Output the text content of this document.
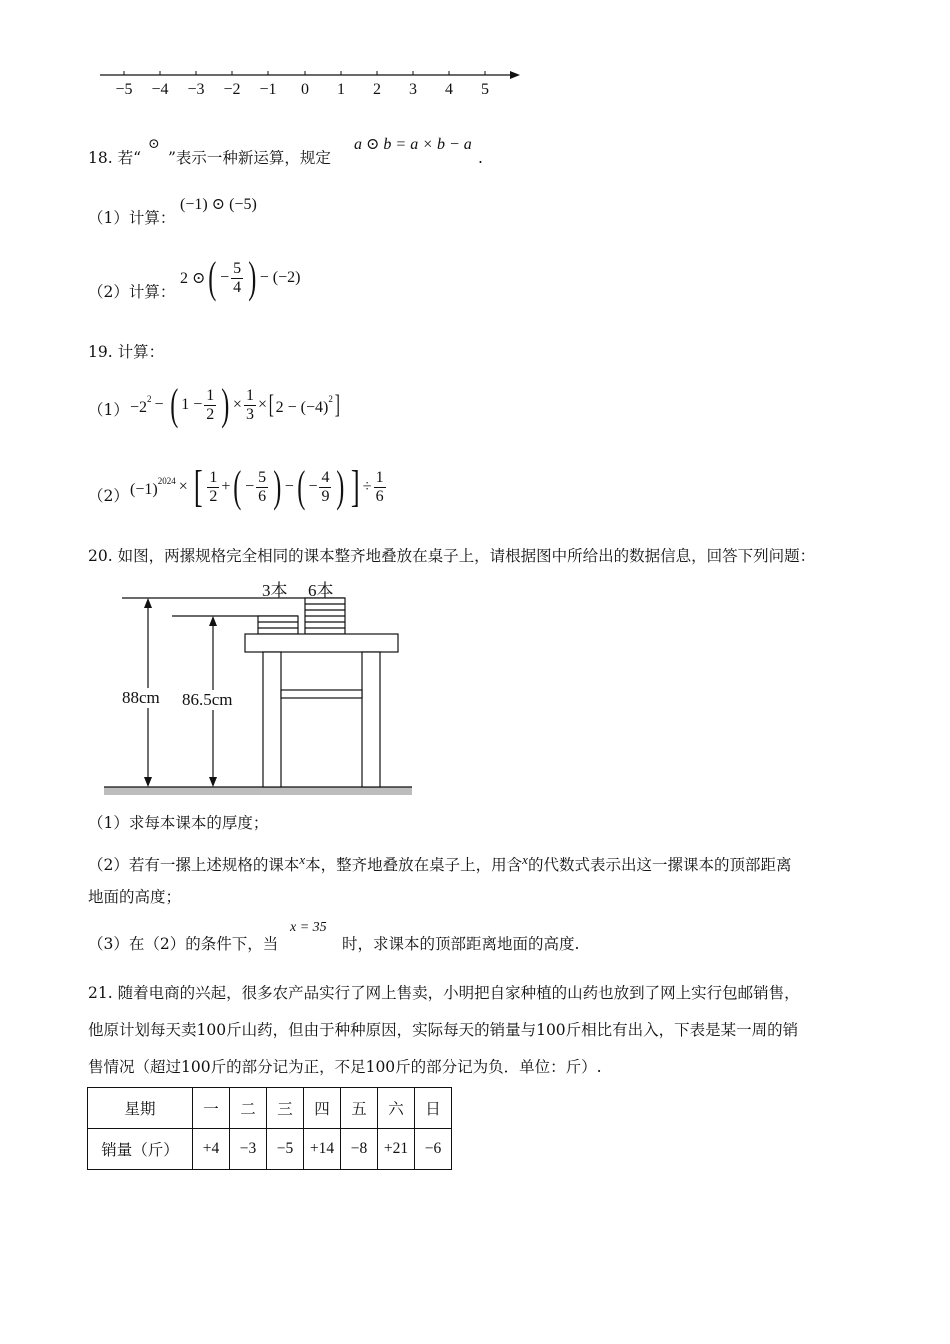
−5 −4 −3 −2 −1	0	1	2	3	4	5
18. 若“
⊙
”表示一种新运算，规定
a ⊙ b = a × b − a
.
（1）计算：
(−1) ⊙ (−5)
（2）计算：
2 ⊙ ( − $\frac{5}{4}$ ) − (−2)
19. 计算：
$(1) -2^2$ − ( $1 - \frac{1}{2}$ ) × $\frac{1}{3}$ × [ $2 - (-4)^2$ ]
（2） $(-1)^{2024}$ × [ $\frac{1}{2}$ + ( − $\frac{5}{6}$ ) − ( − $\frac{4}{9}$ ) ] ÷ $\frac{1}{6}$
20. 如图，两摞规格完全相同的课本整齐地叠放在桌子上，请根据图中所给出的数据信息，回答下列问题：
3本 6本
88cm 86.5cm
（1）求每本课本的厚度；
（2）若有一摞上述规格的课本$^x$本，整齐地叠放在桌子上，用含$^x$的代数式表示出这一摞课本的顶部距离
地面的高度；
（3）在（2）的条件下，当
x = 35
时，求课本的顶部距离地面的高度.
21. 随着电商的兴起，很多农产品实行了网上售卖，小明把自家种植的山药也放到了网上实行包邮销售，
他原计划每天卖100斤山药，但由于种种原因，实际每天的销量与100斤相比有出入，下表是某一周的销
售情况（超过100斤的部分记为正，不足100斤的部分记为负．单位：斤）.
星期	一	二	三	四	五	六	日
销量（斤）	+4	−3	−5	+14	−8	+21	−6
